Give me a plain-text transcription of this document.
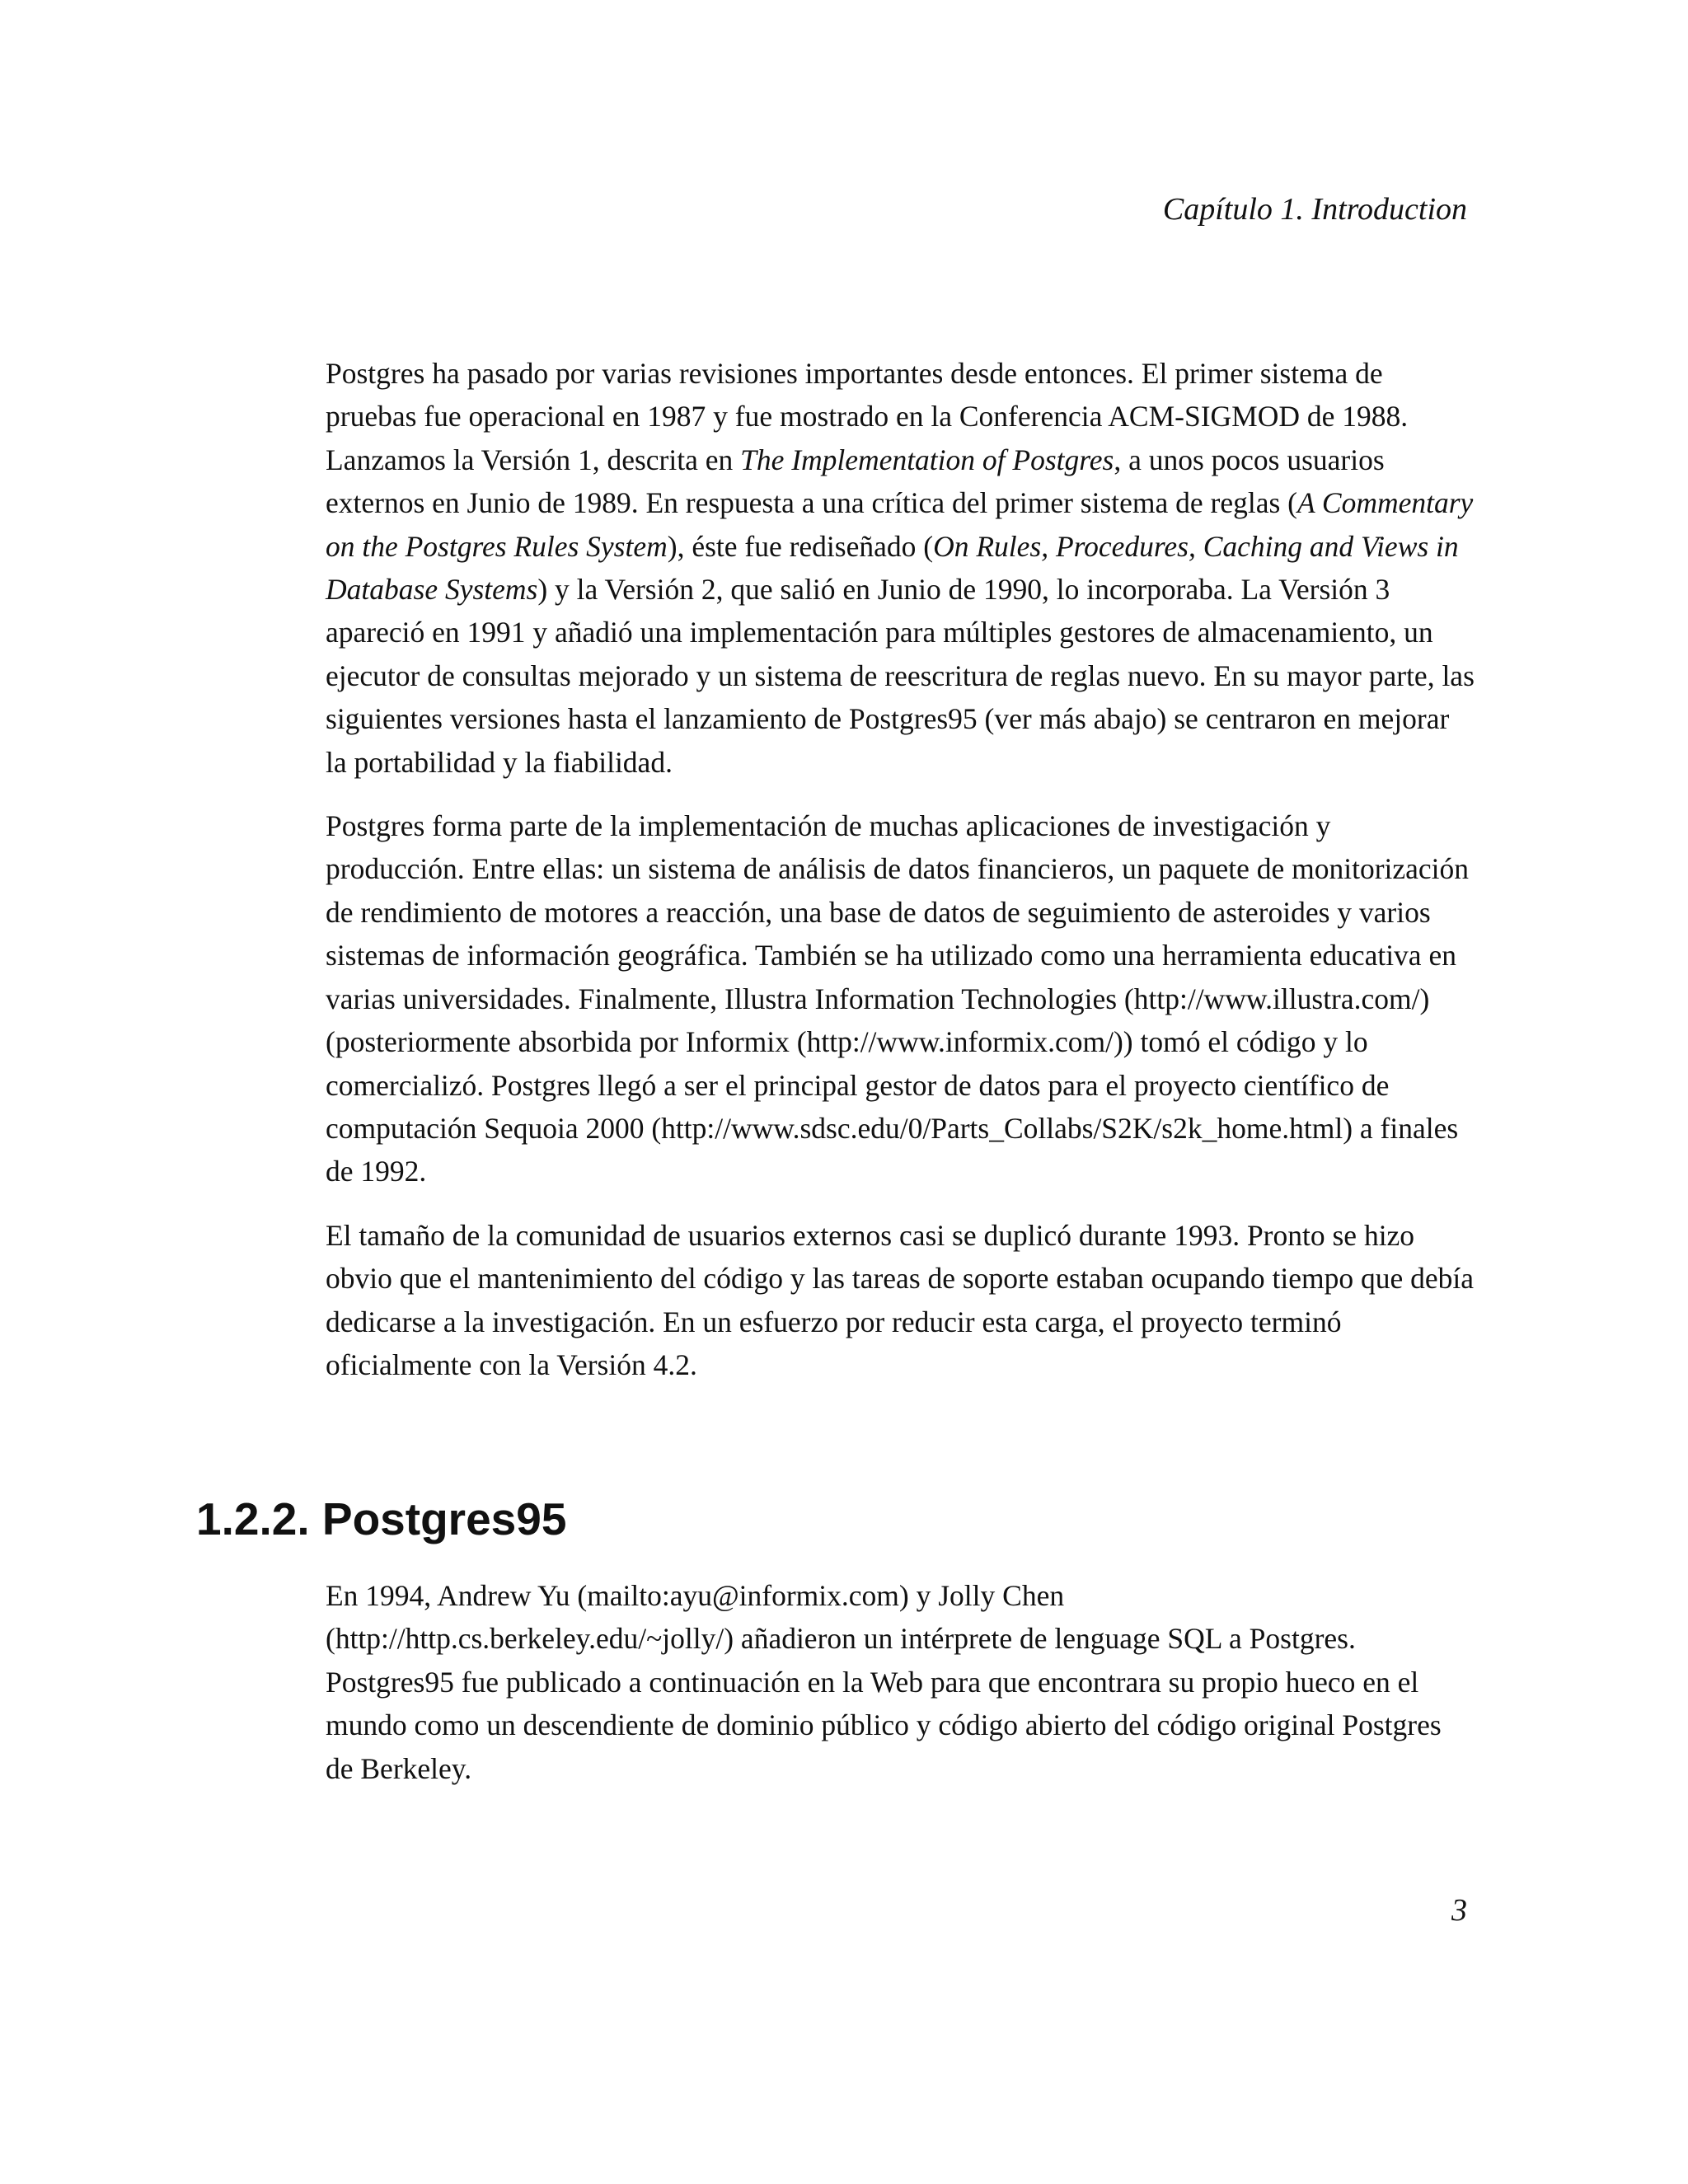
Capítulo 1. Introduction

Postgres ha pasado por varias revisiones importantes desde entonces. El primer sistema de pruebas fue operacional en 1987 y fue mostrado en la Conferencia ACM-SIGMOD de 1988. Lanzamos la Versión 1, descrita en The Implementation of Postgres, a unos pocos usuarios externos en Junio de 1989. En respuesta a una crítica del primer sistema de reglas (A Commentary on the Postgres Rules System), éste fue rediseñado (On Rules, Procedures, Caching and Views in Database Systems) y la Versión 2, que salió en Junio de 1990, lo incorporaba. La Versión 3 apareció en 1991 y añadió una implementación para múltiples gestores de almacenamiento, un ejecutor de consultas mejorado y un sistema de reescritura de reglas nuevo. En su mayor parte, las siguientes versiones hasta el lanzamiento de Postgres95 (ver más abajo) se centraron en mejorar la portabilidad y la fiabilidad.

Postgres forma parte de la implementación de muchas aplicaciones de investigación y producción. Entre ellas: un sistema de análisis de datos financieros, un paquete de monitorización de rendimiento de motores a reacción, una base de datos de seguimiento de asteroides y varios sistemas de información geográfica. También se ha utilizado como una herramienta educativa en varias universidades. Finalmente, Illustra Information Technologies (http://www.illustra.com/) (posteriormente absorbida por Informix (http://www.informix.com/)) tomó el código y lo comercializó. Postgres llegó a ser el principal gestor de datos para el proyecto científico de computación Sequoia 2000 (http://www.sdsc.edu/0/Parts_Collabs/S2K/s2k_home.html) a finales de 1992.

El tamaño de la comunidad de usuarios externos casi se duplicó durante 1993. Pronto se hizo obvio que el mantenimiento del código y las tareas de soporte estaban ocupando tiempo que debía dedicarse a la investigación. En un esfuerzo por reducir esta carga, el proyecto terminó oficialmente con la Versión 4.2.

1.2.2. Postgres95

En 1994, Andrew Yu (mailto:ayu@informix.com) y Jolly Chen (http://http.cs.berkeley.edu/~jolly/) añadieron un intérprete de lenguage SQL a Postgres. Postgres95 fue publicado a continuación en la Web para que encontrara su propio hueco en el mundo como un descendiente de dominio público y código abierto del código original Postgres de Berkeley.

3
